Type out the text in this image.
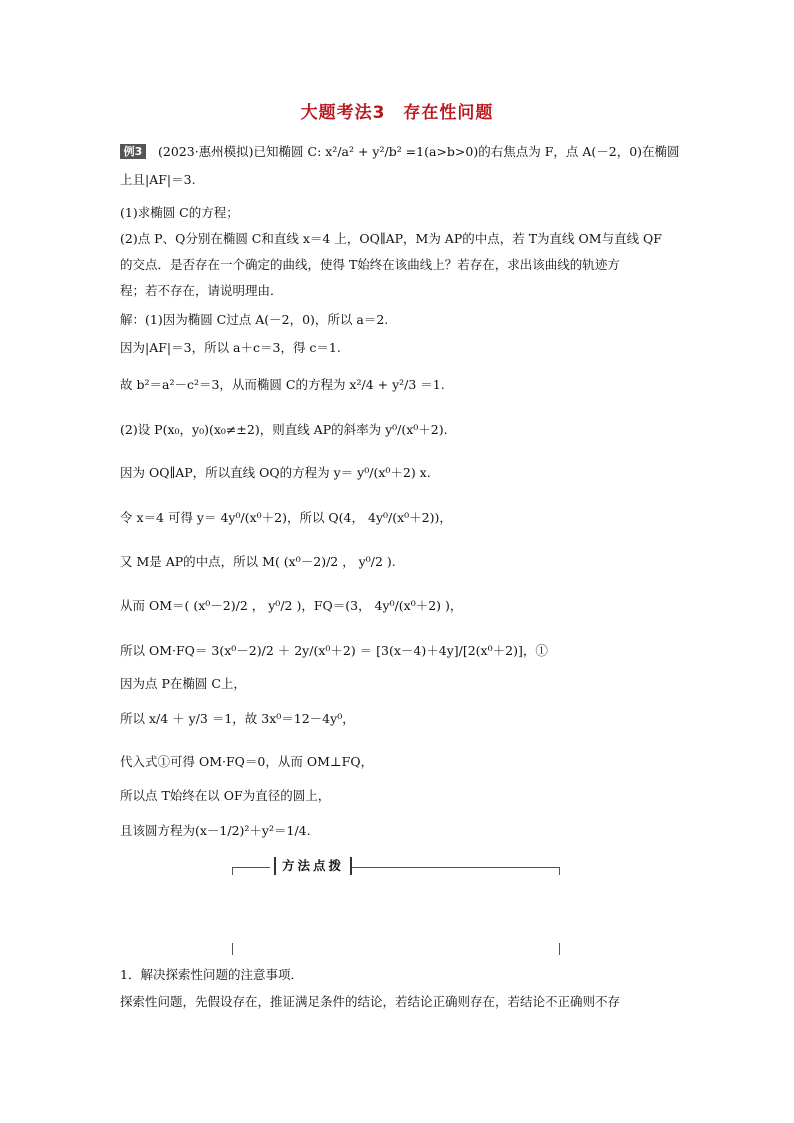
大题考法3　存在性问题
例3 (2023·惠州模拟)已知椭圆 C: x²/a² + y²/b² =1(a>b>0)的右焦点为 F，点 A(－2，0)在椭圆
上且|AF|＝3.
(1)求椭圆 C的方程；
(2)点 P、Q分别在椭圆 C和直线 x＝4 上，OQ∥AP，M为 AP的中点，若 T为直线 OM与直线 QF
的交点．是否存在一个确定的曲线，使得 T始终在该曲线上？若存在，求出该曲线的轨迹方
程；若不存在，请说明理由．
解：(1)因为椭圆 C过点 A(－2，0)，所以 a＝2.
因为|AF|＝3，所以 a＋c＝3，得 c＝1.
故 b²＝a²－c²＝3，从而椭圆 C的方程为 x²/4 + y²/3 ＝1.
(2)设 P(x₀，y₀)(x₀≠±2)，则直线 AP的斜率为 y⁰/(x⁰＋2).
因为 OQ∥AP，所以直线 OQ的方程为 y＝ y⁰/(x⁰＋2) x.
令 x＝4 可得 y＝ 4y⁰/(x⁰＋2)，所以 Q(4， 4y⁰/(x⁰＋2))，
又 M是 AP的中点，所以 M( (x⁰－2)/2 ， y⁰/2 ).
从而 OM＝( (x⁰－2)/2 ， y⁰/2 )，FQ＝(3， 4y⁰/(x⁰＋2) )，
所以 OM·FQ＝ 3(x⁰－2)/2 ＋ 2y/(x⁰＋2) ＝ [3(x－4)＋4y]/[2(x⁰＋2)]，①
因为点 P在椭圆 C上，
所以 x/4 ＋ y/3 ＝1，故 3x⁰＝12－4y⁰，
代入式①可得 OM·FQ＝0，从而 OM⊥FQ，
所以点 T始终在以 OF为直径的圆上，
且该圆方程为(x－1/2)²＋y²＝1/4.
方法点拨
1．解决探索性问题的注意事项．
探索性问题，先假设存在，推证满足条件的结论，若结论正确则存在，若结论不正确则不存
